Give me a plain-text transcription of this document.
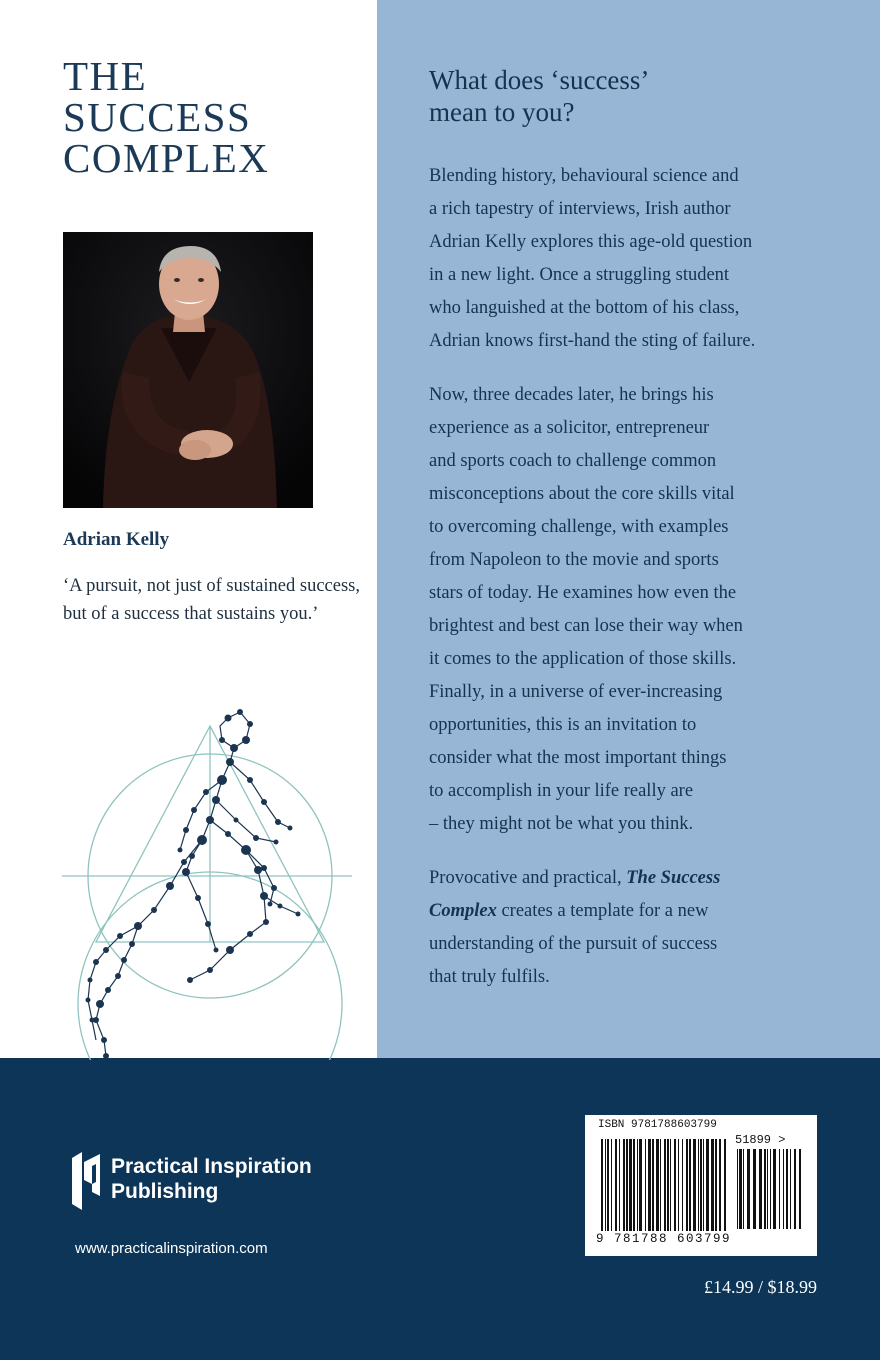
THE
SUCCESS
COMPLEX

Adrian Kelly

‘A pursuit, not just of sustained success, but of a success that sustains you.’

What does ‘success’
mean to you?

Blending history, behavioural science and
a rich tapestry of interviews, Irish author
Adrian Kelly explores this age-old question
in a new light. Once a struggling student
who languished at the bottom of his class,
Adrian knows first-hand the sting of failure.

Now, three decades later, he brings his
experience as a solicitor, entrepreneur
and sports coach to challenge common
misconceptions about the core skills vital
to overcoming challenge, with examples
from Napoleon to the movie and sports
stars of today. He examines how even the
brightest and best can lose their way when
it comes to the application of those skills.
Finally, in a universe of ever-increasing
opportunities, this is an invitation to
consider what the most important things
to accomplish in your life really are
– they might not be what you think.

Provocative and practical, The Success
Complex creates a template for a new
understanding of the pursuit of success
that truly fulfils.

Practical Inspiration
Publishing

www.practicalinspiration.com
ISBN 9781788603799
51899 >
9 781788 603799
£14.99 / $18.99
